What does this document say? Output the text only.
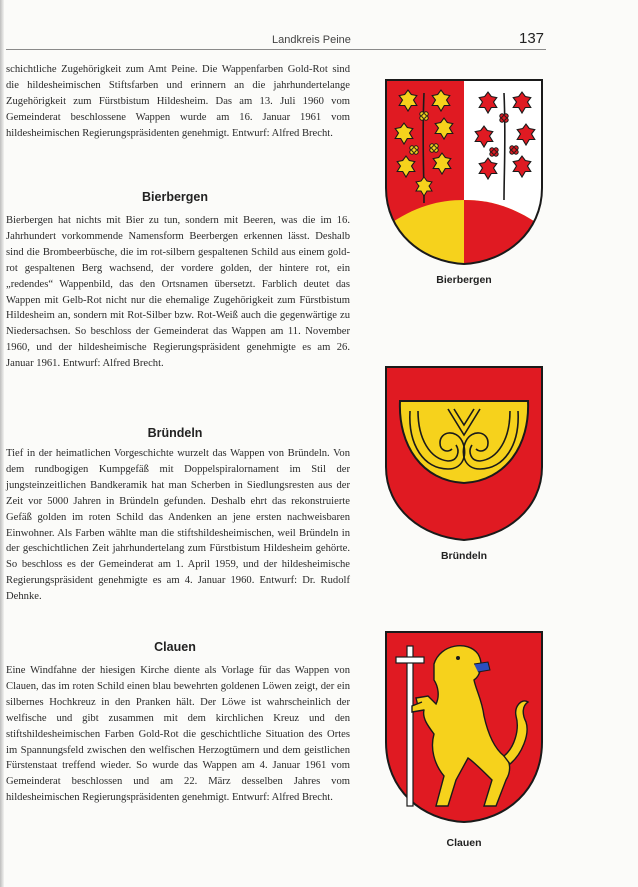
Landkreis Peine	137

schichtliche Zugehörigkeit zum Amt Peine. Die Wappenfarben Gold-Rot sind die hildesheimischen Stiftsfarben und erinnern an die jahrhundertelange Zugehörigkeit zum Fürstbistum Hildesheim. Das am 13. Juli 1960 vom Gemeinderat beschlossene Wappen wurde am 16. Januar 1961 vom hildesheimischen Regierungspräsidenten genehmigt. Entwurf: Alfred Brecht.

Bierbergen

Bierbergen hat nichts mit Bier zu tun, sondern mit Beeren, was die im 16. Jahrhundert vorkommende Namensform Beerbergen erkennen lässt. Deshalb sind die Brombeerbüsche, die im rot-silbern gespaltenen Schild aus einem gold-rot gespaltenen Berg wachsend, der vordere golden, der hintere rot, ein „redendes“ Wappenbild, das den Ortsnamen übersetzt. Farblich deutet das Wappen mit Gelb-Rot nicht nur die ehemalige Zugehörigkeit zum Fürstbistum Hildesheim an, sondern mit Rot-Silber bzw. Rot-Weiß auch die gegenwärtige zu Niedersachsen. So beschloss der Gemeinderat das Wappen am 11. November 1960, und der hildesheimische Regierungspräsident genehmigte es am 26. Januar 1961. Entwurf: Alfred Brecht.

Bründeln

Tief in der heimatlichen Vorgeschichte wurzelt das Wappen von Bründeln. Von dem rundbogigen Kumpgefäß mit Doppelspiralornament im Stil der jungsteinzeitlichen Bandkeramik hat man Scherben in Siedlungsresten aus der Zeit vor 5000 Jahren in Bründeln gefunden. Deshalb ehrt das rekonstruierte Gefäß golden im roten Schild das Andenken an jene ersten nachweisbaren Einwohner. Als Farben wählte man die stiftshildesheimischen, weil Bründeln in der geschichtlichen Zeit jahrhundertelang zum Fürstbistum Hildesheim gehörte. So beschloss es der Gemeinderat am 1. April 1959, und der hildesheimische Regierungspräsident genehmigte es am 4. Januar 1960. Entwurf: Dr. Rudolf Dehnke.

Clauen

Eine Windfahne der hiesigen Kirche diente als Vorlage für das Wappen von Clauen, das im roten Schild einen blau bewehrten goldenen Löwen zeigt, der ein silbernes Hochkreuz in den Pranken hält. Der Löwe ist wahrscheinlich der welfische und gibt zusammen mit dem kirchlichen Kreuz und den stiftshildesheimischen Farben Gold-Rot die geschichtliche Situation des Ortes im Spannungsfeld zwischen den welfischen Herzogtümern und dem geistlichen Fürstenstaat treffend wieder. So wurde das Wappen am 4. Januar 1961 vom Gemeinderat beschlossen und am 22. März desselben Jahres vom hildesheimischen Regierungspräsidenten genehmigt. Entwurf: Alfred Brecht.

Bierbergen
Bründeln
Clauen
